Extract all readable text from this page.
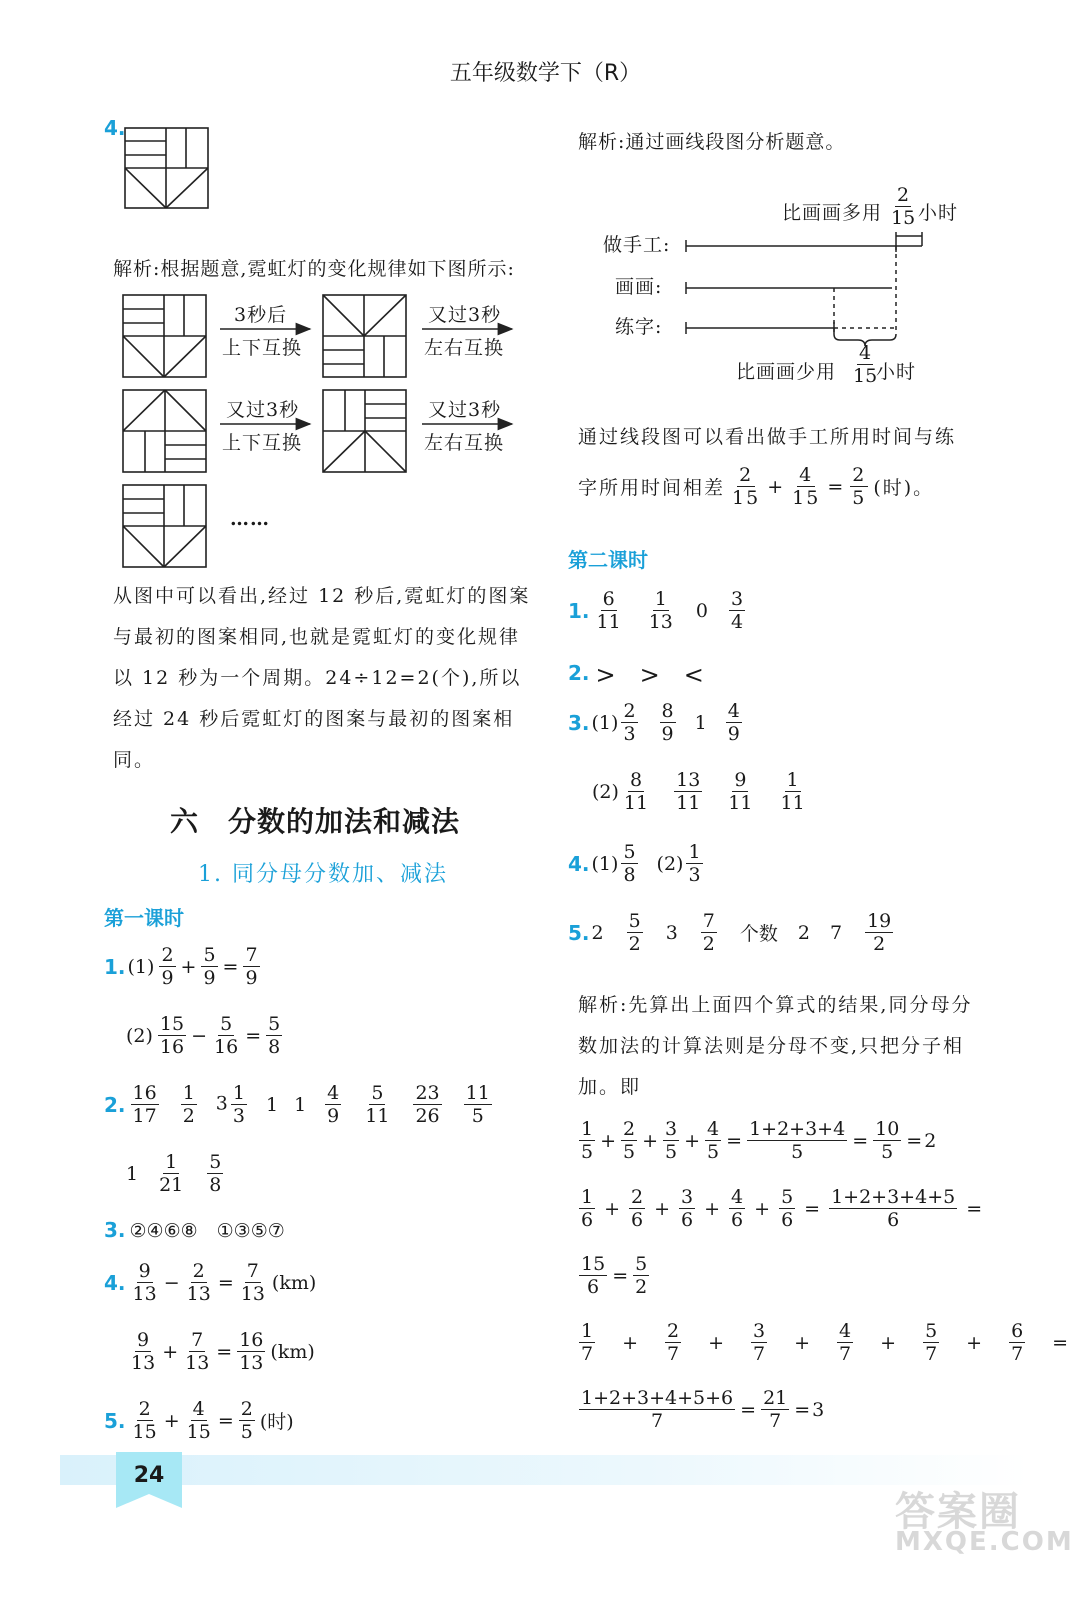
五年级数学下（R）
4.
解析:根据题意,霓虹灯的变化规律如下图所示:
3秒后
上下互换
又过3秒
左右互换
又过3秒
上下互换
又过3秒
左右互换
……
从图中可以看出,经过 12 秒后,霓虹灯的图案与最初的图案相同,也就是霓虹灯的变化规律以 12 秒为一个周期。24÷12=2(个),所以经过 24 秒后霓虹灯的图案与最初的图案相同。
六　分数的加法和减法
1. 同分母分数加、减法
第一课时
1. (1)
2
9
+
5
9
=
7
9
(2)
15
16
−
5
16
=
5
8
2. 16
17
1
2
$3 \frac{1}{3} 1$ 1
4
9
5
11
23
26
11
5
1
1
21
5
8
3. ②④⑥⑧　①③⑤⑦
4. 9
13
−
2
13
=
7
13
(km)
9
13
+
7
13
=
16
13
(km)
5. 2
15
+
4
15
=
2
5 (时)
解析:通过画线段图分析题意。
比画画多用 $\frac{2}{15}$ 小时
做手工:
画画:
练字:
比画画少用 $\frac{4}{15}$
小时
通过线段图可以看出做手工所用时间与练
字所用时间相差
2
15
+
4
15
=
2
5 (时)。
第二课时
1. 6
11
1
13
0
3
4
2. >　>　<
3. (1)
2
3
8
9
1
4
9
(2)
8
11
13
11
9
11
1
11
4. (1)
5
8
(2)
1
3
5. 2
5
2
3
7
2 个数 2 7
19
2
解析:先算出上面四个算式的结果,同分母分数加法的计算法则是分母不变,只把分子相加。即
1
5
+
2
5
+
3
5
+
4
5
=
1+2+3+4
5
=
10
5
= 2
1
6
+
2
6
+
3
6
+
4
6
+
5
6
=
1+2+3+4+5
6
=
15
6
=
5
2
1
7
+
2
7
+
3
7
+
4
7
+
5
7
+
6
7
=
1+2+3+4+5+6
7
=
21
7
= 3
24
答案圈
MXQE.COM
